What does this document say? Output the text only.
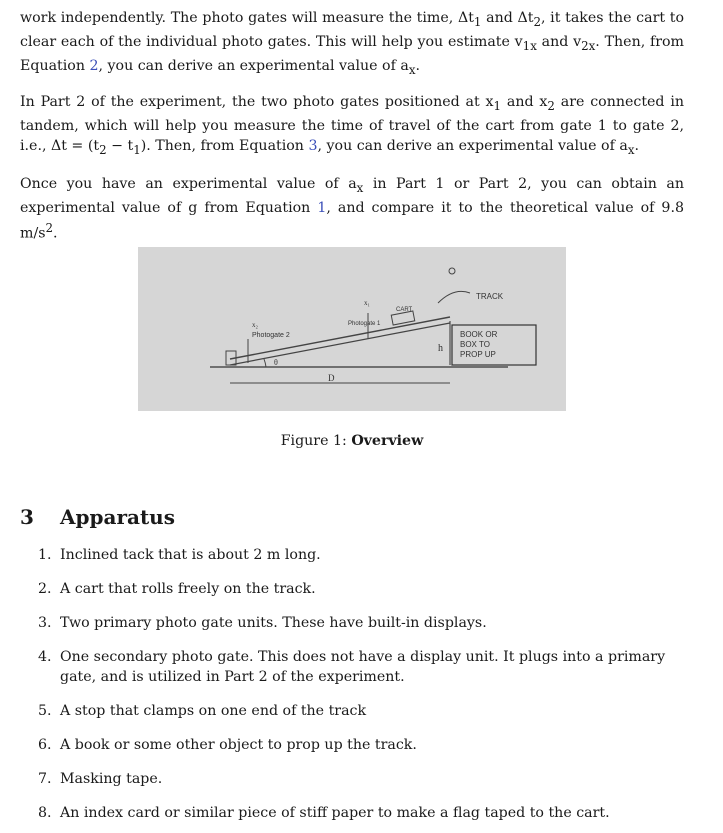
work independently. The photo gates will measure the time, $\Delta t_1$ and $\Delta t_2$, it takes the cart to clear each of the individual photo gates. This will help you estimate $v_{1x}$ and $v_{2x}$. Then, from Equation 2, you can derive an experimental value of $a_x$.

In Part 2 of the experiment, the two photo gates positioned at $x_1$ and $x_2$ are connected in tandem, which will help you measure the time of travel of the cart from gate 1 to gate 2, i.e., $\Delta t = (t_2 - t_1)$. Then, from Equation 3, you can derive an experimental value of $a_x$.

Once you have an experimental value of $a_x$ in Part 1 or Part 2, you can obtain an experimental value of g from Equation 1, and compare it to the theoretical value of 9.8 $m/s^2$.

TRACK
BOOK OR
BOX TO
PROP UP
h
D
θ
Photogate 2
Photogate 1
CART
x₂
x₁
Figure 1: Overview
3 Apparatus
1. Inclined tack that is about 2 m long.
2. A cart that rolls freely on the track.
3. Two primary photo gate units. These have built-in displays.
4. One secondary photo gate. This does not have a display unit. It plugs into a primary gate, and is utilized in Part 2 of the experiment.
5. A stop that clamps on one end of the track
6. A book or some other object to prop up the track.
7. Masking tape.
8. An index card or similar piece of stiff paper to make a flag taped to the cart.
